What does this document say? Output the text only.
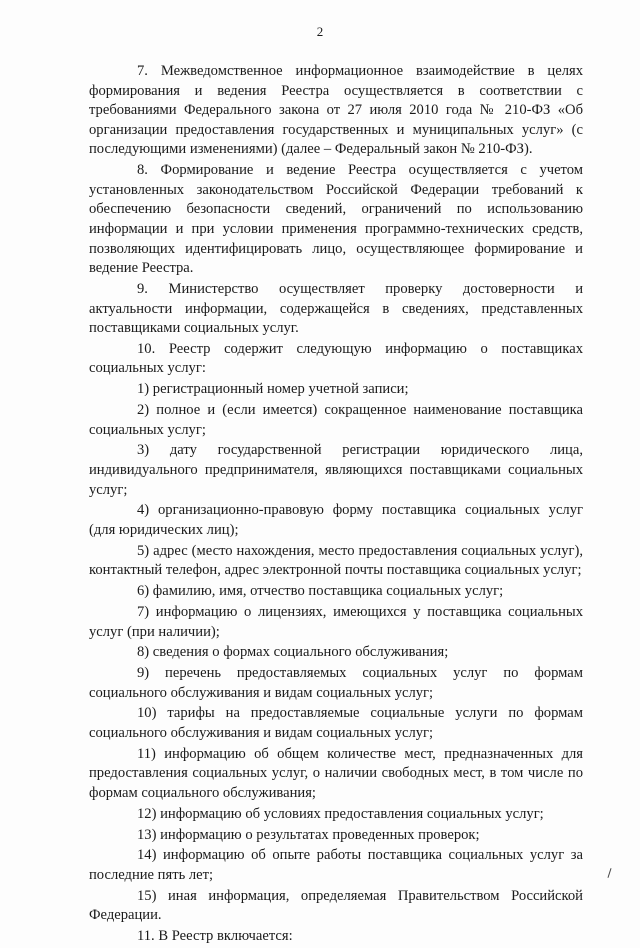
2

7. Межведомственное информационное взаимодействие в целях формирования и ведения Реестра осуществляется в соответствии с требованиями Федерального закона от 27 июля 2010 года № 210-ФЗ «Об организации предоставления государственных и муниципальных услуг» (с последующими изменениями) (далее – Федеральный закон № 210-ФЗ).

8. Формирование и ведение Реестра осуществляется с учетом установленных законодательством Российской Федерации требований к обеспечению безопасности сведений, ограничений по использованию информации и при условии применения программно-технических средств, позволяющих идентифицировать лицо, осуществляющее формирование и ведение Реестра.

9. Министерство осуществляет проверку достоверности и актуальности информации, содержащейся в сведениях, представленных поставщиками социальных услуг.

10. Реестр содержит следующую информацию о поставщиках социальных услуг:

1) регистрационный номер учетной записи;

2) полное и (если имеется) сокращенное наименование поставщика социальных услуг;

3) дату государственной регистрации юридического лица, индивидуального предпринимателя, являющихся поставщиками социальных услуг;

4) организационно-правовую форму поставщика социальных услуг (для юридических лиц);

5) адрес (место нахождения, место предоставления социальных услуг), контактный телефон, адрес электронной почты поставщика социальных услуг;

6) фамилию, имя, отчество поставщика социальных услуг;

7) информацию о лицензиях, имеющихся у поставщика социальных услуг (при наличии);

8) сведения о формах социального обслуживания;

9) перечень предоставляемых социальных услуг по формам социального обслуживания и видам социальных услуг;

10) тарифы на предоставляемые социальные услуги по формам социального обслуживания и видам социальных услуг;

11) информацию об общем количестве мест, предназначенных для предоставления социальных услуг, о наличии свободных мест, в том числе по формам социального обслуживания;

12) информацию об условиях предоставления социальных услуг;

13) информацию о результатах проведенных проверок;

14) информацию об опыте работы поставщика социальных услуг за последние пять лет;

15) иная информация, определяемая Правительством Российской Федерации.

11. В Реестр включается:
